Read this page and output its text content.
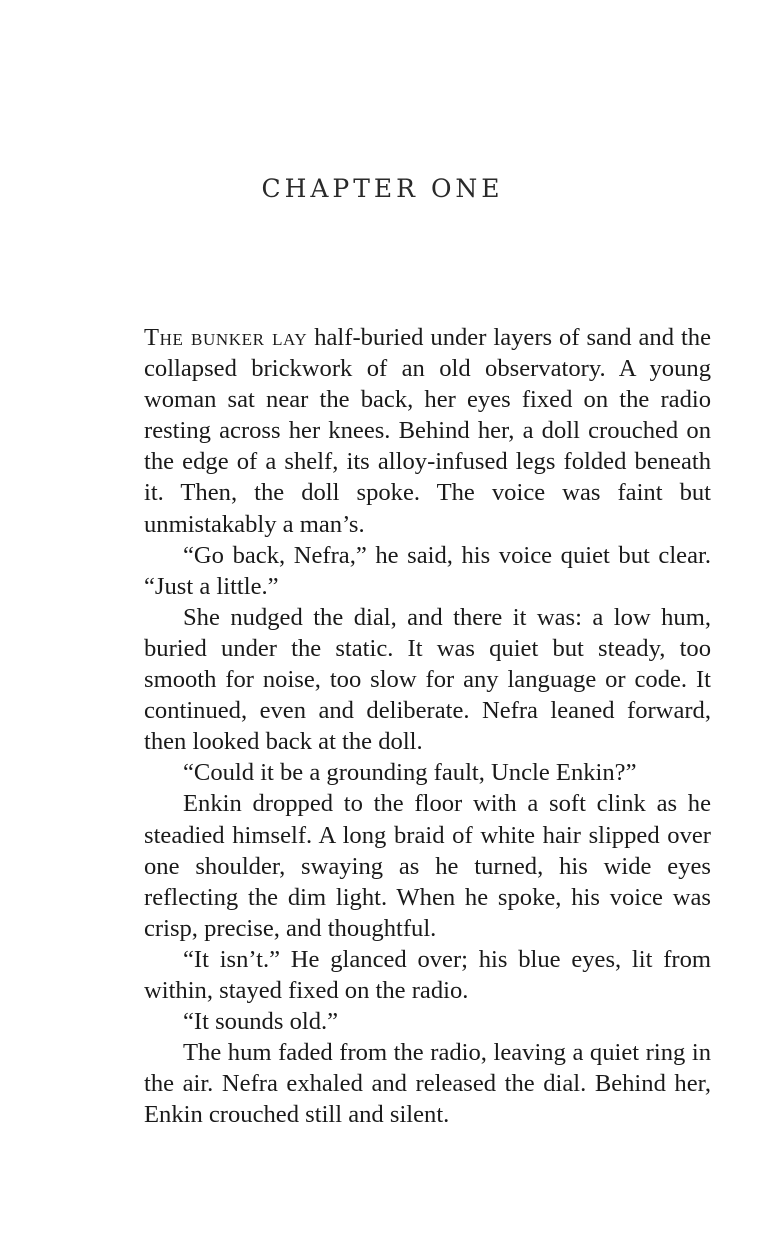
CHAPTER ONE

The bunker lay half-buried under layers of sand and the collapsed brickwork of an old observatory. A young woman sat near the back, her eyes fixed on the radio resting across her knees. Behind her, a doll crouched on the edge of a shelf, its alloy-infused legs folded beneath it. Then, the doll spoke. The voice was faint but unmistakably a man’s.

“Go back, Nefra,” he said, his voice quiet but clear. “Just a little.”

She nudged the dial, and there it was: a low hum, buried under the static. It was quiet but steady, too smooth for noise, too slow for any language or code. It continued, even and deliberate. Nefra leaned forward, then looked back at the doll.

“Could it be a grounding fault, Uncle Enkin?”

Enkin dropped to the floor with a soft clink as he steadied himself. A long braid of white hair slipped over one shoulder, swaying as he turned, his wide eyes reflecting the dim light. When he spoke, his voice was crisp, precise, and thoughtful.

“It isn’t.” He glanced over; his blue eyes, lit from within, stayed fixed on the radio.

“It sounds old.”

The hum faded from the radio, leaving a quiet ring in the air. Nefra exhaled and released the dial. Behind her, Enkin crouched still and silent.
